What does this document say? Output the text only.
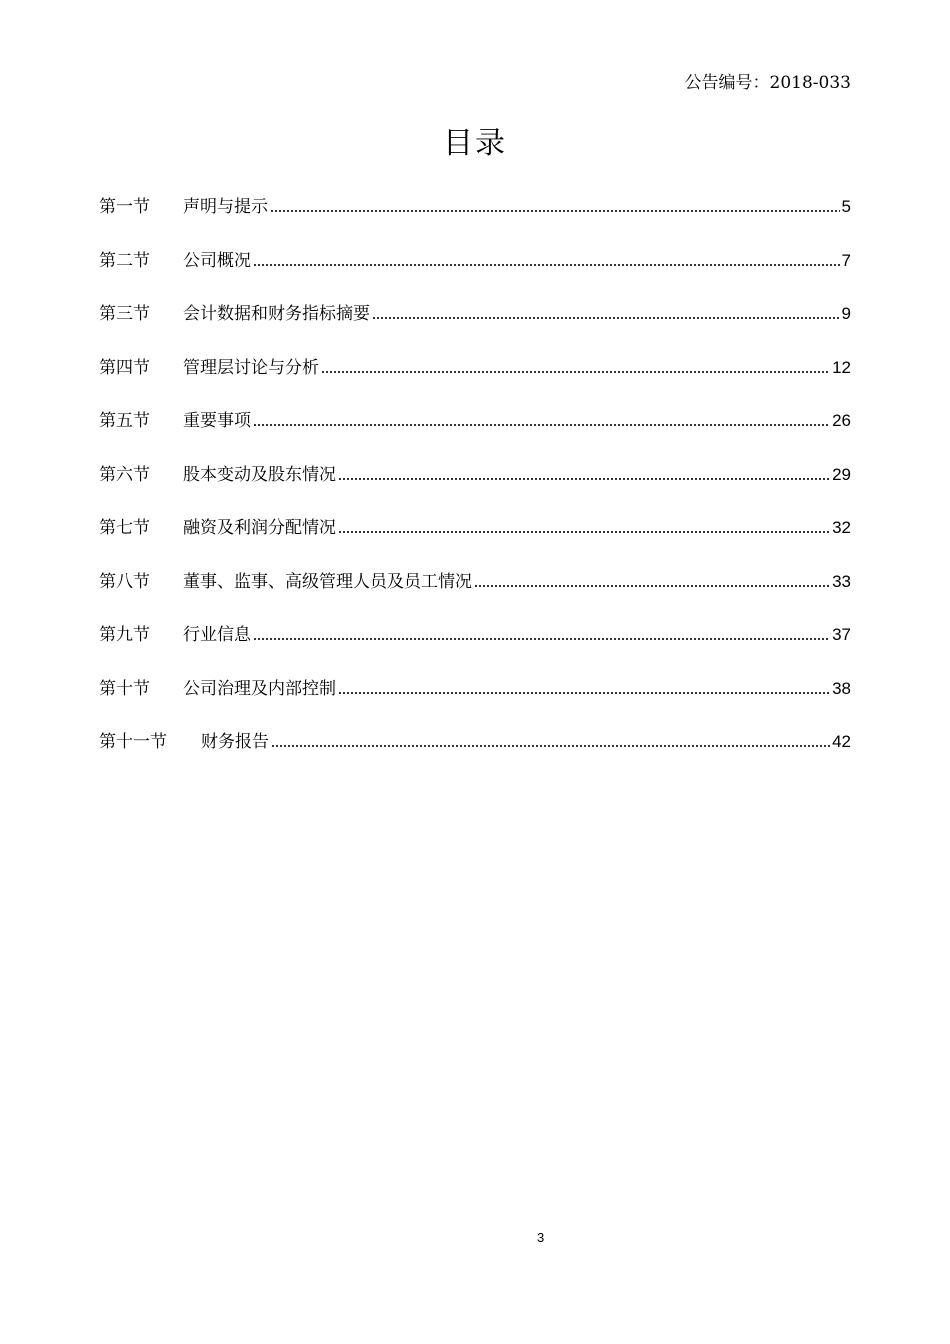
公告编号：2018-033
目录
第一节	声明与提示	5
第二节	公司概况	7
第三节	会计数据和财务指标摘要	9
第四节	管理层讨论与分析	12
第五节	重要事项	26
第六节	股本变动及股东情况	29
第七节	融资及利润分配情况	32
第八节	董事、监事、高级管理人员及员工情况	33
第九节	行业信息	37
第十节	公司治理及内部控制	38
第十一节	财务报告	42
3
